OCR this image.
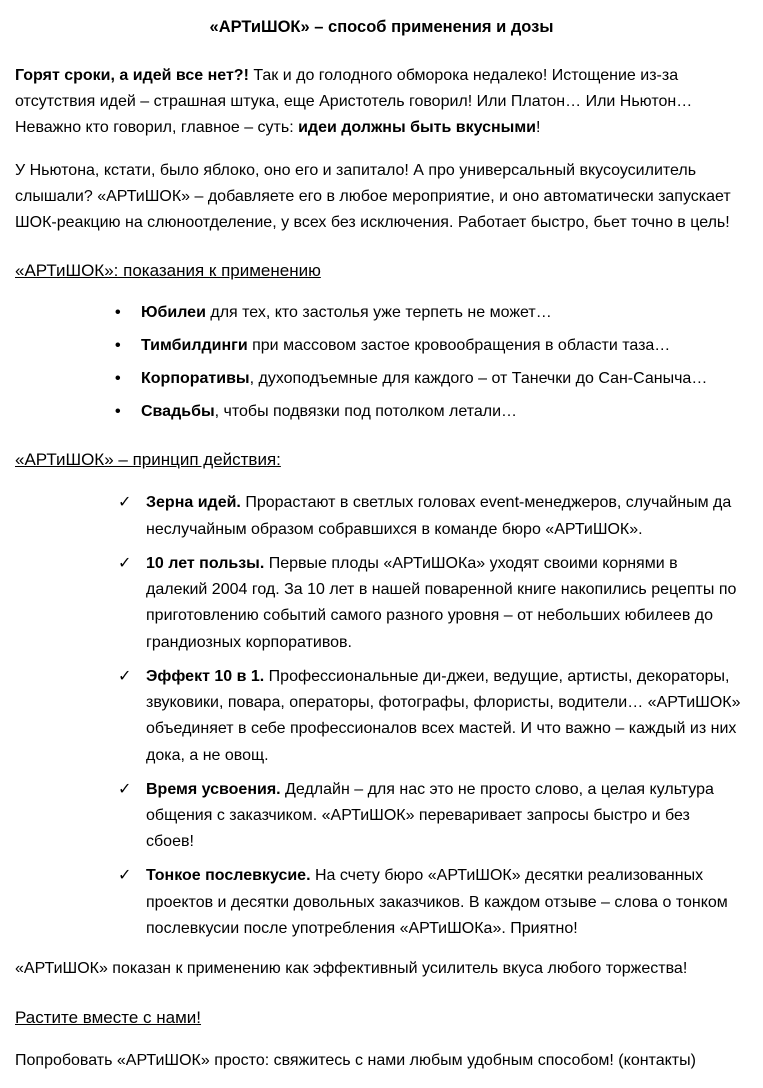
«АРТиШОК» – способ применения и дозы

Горят сроки, а идей все нет?! Так и до голодного обморока недалеко! Истощение из-за отсутствия идей – страшная штука, еще Аристотель говорил! Или Платон… Или Ньютон… Неважно кто говорил, главное – суть: идеи должны быть вкусными!

У Ньютона, кстати, было яблоко, оно его и запитало! А про универсальный вкусоусилитель слышали? «АРТиШОК» – добавляете его в любое мероприятие, и оно автоматически запускает ШОК-реакцию на слюноотделение, у всех без исключения. Работает быстро, бьет точно в цель!

«АРТиШОК»: показания к применению
•	Юбилеи для тех, кто застолья уже терпеть не может…
•	Тимбилдинги при массовом застое кровообращения в области таза…
•	Корпоративы, духоподъемные для каждого – от Танечки до Сан-Саныча…
•	Свадьбы, чтобы подвязки под потолком летали…
«АРТиШОК» – принцип действия:
✓ Зерна идей. Прорастают в светлых головах event-менеджеров, случайным да неслучайным образом собравшихся в команде бюро «АРТиШОК».
✓ 10 лет пользы. Первые плоды «АРТиШОКа» уходят своими корнями в далекий 2004 год. За 10 лет в нашей поваренной книге накопились рецепты по приготовлению событий самого разного уровня – от небольших юбилеев до грандиозных корпоративов.
✓ Эффект 10 в 1. Профессиональные ди-джеи, ведущие, артисты, декораторы, звуковики, повара, операторы, фотографы, флористы, водители… «АРТиШОК» объединяет в себе профессионалов всех мастей. И что важно – каждый из них дока, а не овощ.
✓ Время усвоения. Дедлайн – для нас это не просто слово, а целая культура общения с заказчиком. «АРТиШОК» переваривает запросы быстро и без сбоев!
✓ Тонкое послевкусие. На счету бюро «АРТиШОК» десятки реализованных проектов и десятки довольных заказчиков. В каждом отзыве – слова о тонком послевкусии после употребления «АРТиШОКа». Приятно!

«АРТиШОК» показан к применению как эффективный усилитель вкуса любого торжества!

Растите вместе с нами!

Попробовать «АРТиШОК» просто: свяжитесь с нами любым удобным способом! (контакты)
